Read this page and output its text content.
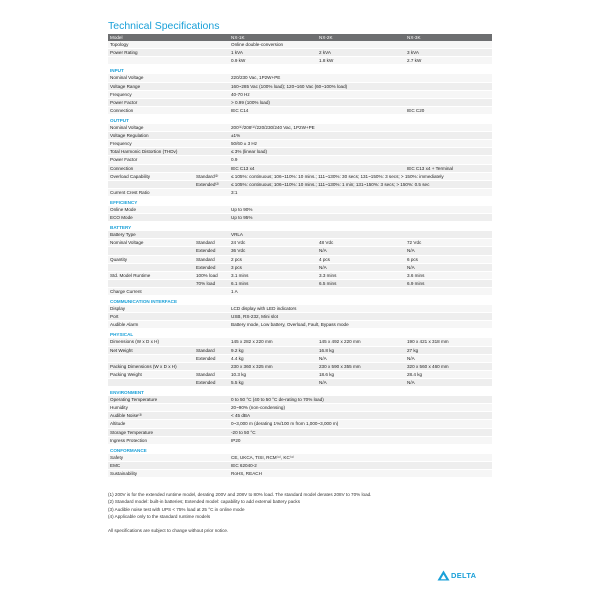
Technical Specifications
Model		NX-1K	NX-2K	NX-3K
Topology		Online double-conversion		
Power Rating		1 kVA	2 kVA	3 kVA
		0.9 kW	1.8 kW	2.7 kW
INPUT				
Nominal Voltage		220/230 Vac, 1P2W+PE		
Voltage Range		160~285 Vac (100% load); 120~160 Vac (60~100% load)		
Frequency		40-70 Hz		
Power Factor		> 0.99 (100% load)		
Connection		IEC C14		IEC C20
OUTPUT				
Nominal Voltage		200⁽¹⁾/208⁽¹⁾/220/230/240 Vac, 1P2W+PE		
Voltage Regulation		±1%		
Frequency		50/60 ± 3 Hz		
Total Harmonic Distortion (THDv)		≤ 3% (linear load)		
Power Factor		0.9		
Connection		IEC C13 x4		IEC C13 x4 + Terminal
Overload Capability	Standard⁽²⁾	≤ 105%: continuous; 106~110%: 10 mins.; 111~130%: 30 secs; 131~150%: 3 secs; > 150%: immediately		
	Extended⁽²⁾	≤ 105%: continuous; 106~110%: 10 mins.; 111~130%: 1 min; 131~150%: 3 secs; > 150%: 0.5 sec		
Current Crest Ratio		3:1		
EFFICIENCY				
Online Mode		Up to 90%		
ECO Mode		Up to 95%		
BATTERY				
Battery Type		VRLA		
Nominal Voltage	Standard	24 Vdc	48 Vdc	72 Vdc
	Extended	36 Vdc	N/A	N/A
Quantity	Standard	2 pcs	4 pcs	6 pcs
	Extended	3 pcs	N/A	N/A
Std. Model Runtime	100% load	3.1 mins	3.3 mins	3.6 mins
	70% load	6.1 mins	6.5 mins	6.9 mins
Charge Current		1 A		
COMMUNICATION INTERFACE				
Display		LCD display with LED indicators		
Port		USB, RS-232, Mini slot		
Audible Alarm		Battery mode, Low battery, Overload, Fault, Bypass mode		
PHYSICAL				
Dimensions (W x D x H)		145 x 282 x 220 mm	145 x 492 x 220 mm	190 x 421 x 318 mm
Net Weight	Standard	9.2 kg	16.8 kg	27 kg
	Extended	4.4 kg	N/A	N/A
Packing Dimensions (W x D x H)		230 x 360 x 325 mm	230 x 590 x 355 mm	320 x 560 x 460 mm
Packing Weight	Standard	10.3 kg	18.6 kg	28.4 kg
	Extended	5.5 kg	N/A	N/A
ENVIRONMENT				
Operating Temperature		0 to 50 °C (40 to 50 °C de-rating to 70% load)		
Humidity		20~90% (non-condensing)		
Audible Noise⁽³⁾		< 45 dBA		
Altitude		0~3,000 m (derating 1%/100 m from 1,000~3,000 m)		
Storage Temperature		-20 to 50 °C		
Ingress Protection		IP20		
CONFORMANCE				
Safety		CE, UKCA, TISI, RCM⁽⁴⁾, KC⁽⁴⁾		
EMC		IEC 62040-2		
Sustainability		RoHS, REACH		
(1) 200V is for the extended runtime model, derating 200V and 208V to 80% load. The standard model derates 208V to 70% load.
(2) Standard model: built-in batteries; Extended model: capability to add external battery packs
(3) Audible noise test with UPS < 75% load at 25 °C in online mode
(4) Applicable only to the standard runtime models
All specifications are subject to change without prior notice.
DELTA
